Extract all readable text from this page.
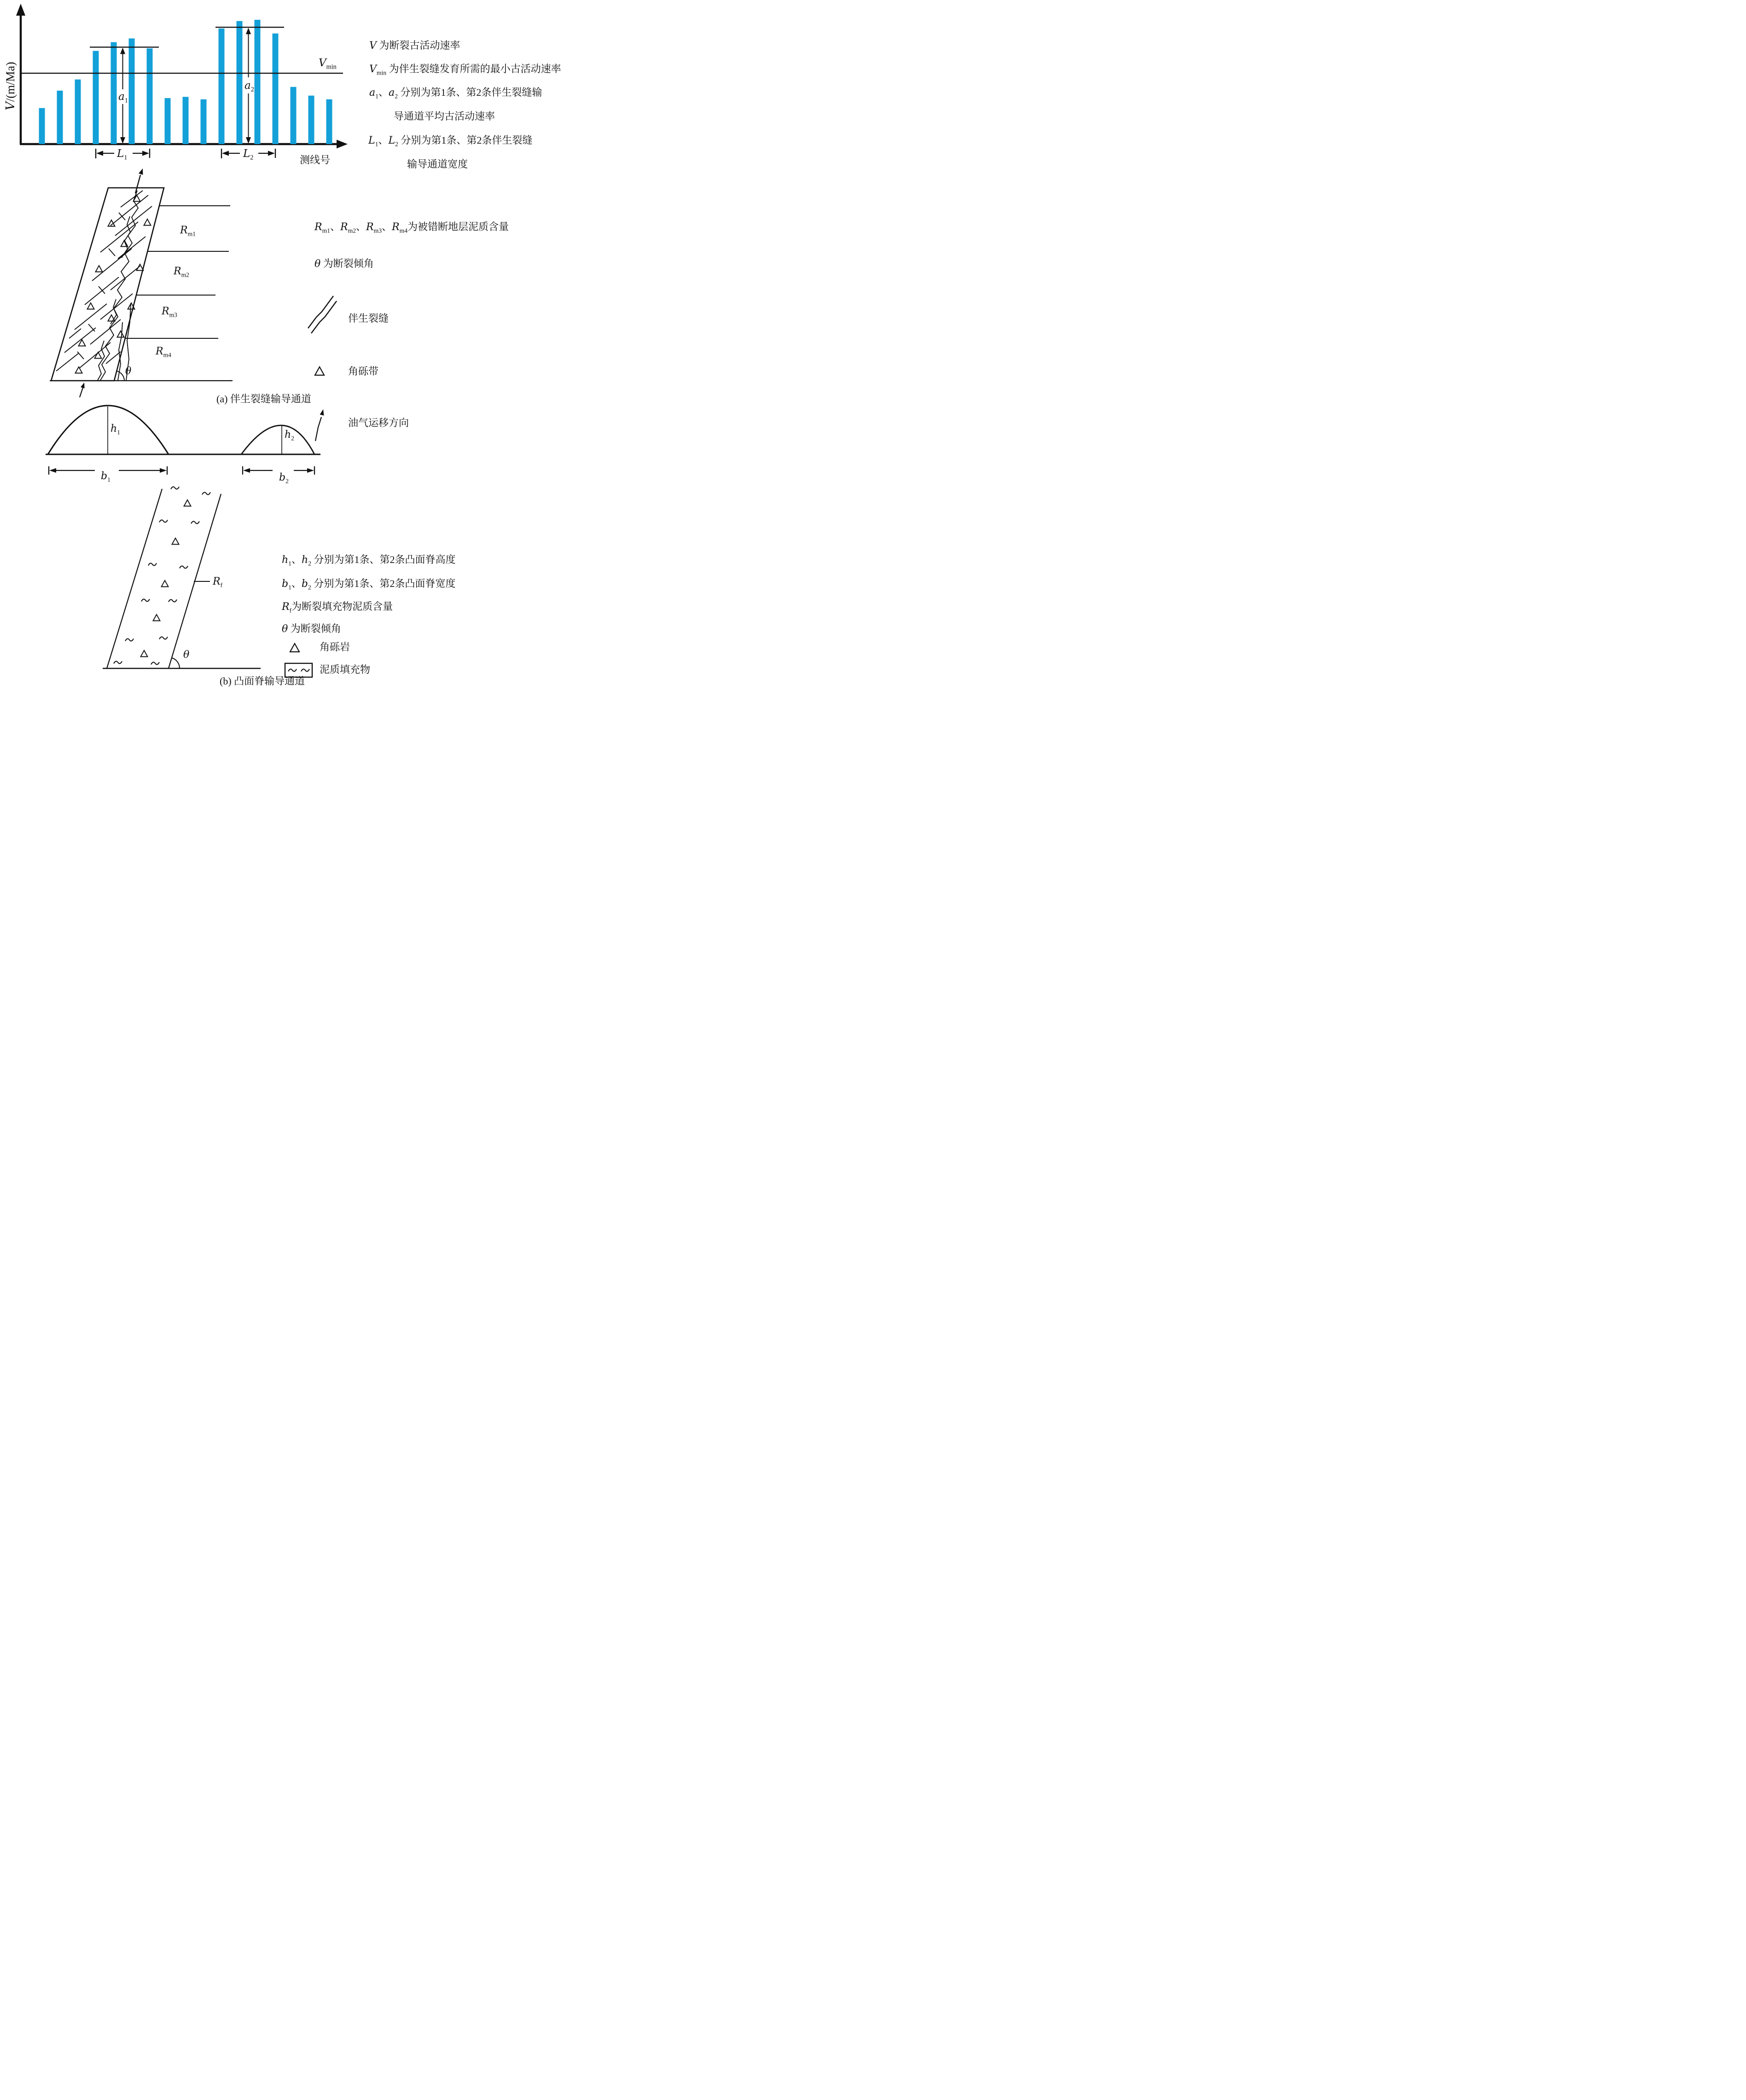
V/(m/Ma)	$V_{min}$
$a_1$
$a_2$
$L_1$	$L_2$	测线号
V 为断裂古活动速率
$V_{min}$ 为伴生裂缝发育所需的最小古活动速率
$a_1$、$a_2$ 分别为第1条、第2条伴生裂缝输
导通道平均古活动速率
$L_1$、$L_2$ 分别为第1条、第2条伴生裂缝
输导通道宽度
$R_{m1}$
$R_{m2}$
$R_{m3}$
$R_{m4}$
θ
(a) 伴生裂缝输导通道
$R_{m1}$、$R_{m2}$、$R_{m3}$、$R_{m4}$为被错断地层泥质含量
θ 为断裂倾角
伴生裂缝
角砾带
油气运移方向
$h_1$	$h_2$
$b_1$	$b_2$
$R_f$
θ
(b) 凸面脊输导通道
$h_1$、$h_2$ 分别为第1条、第2条凸面脊高度
$b_1$、$b_2$ 分别为第1条、第2条凸面脊宽度
$R_f$为断裂填充物泥质含量
θ 为断裂倾角
角砾岩
泥质填充物
